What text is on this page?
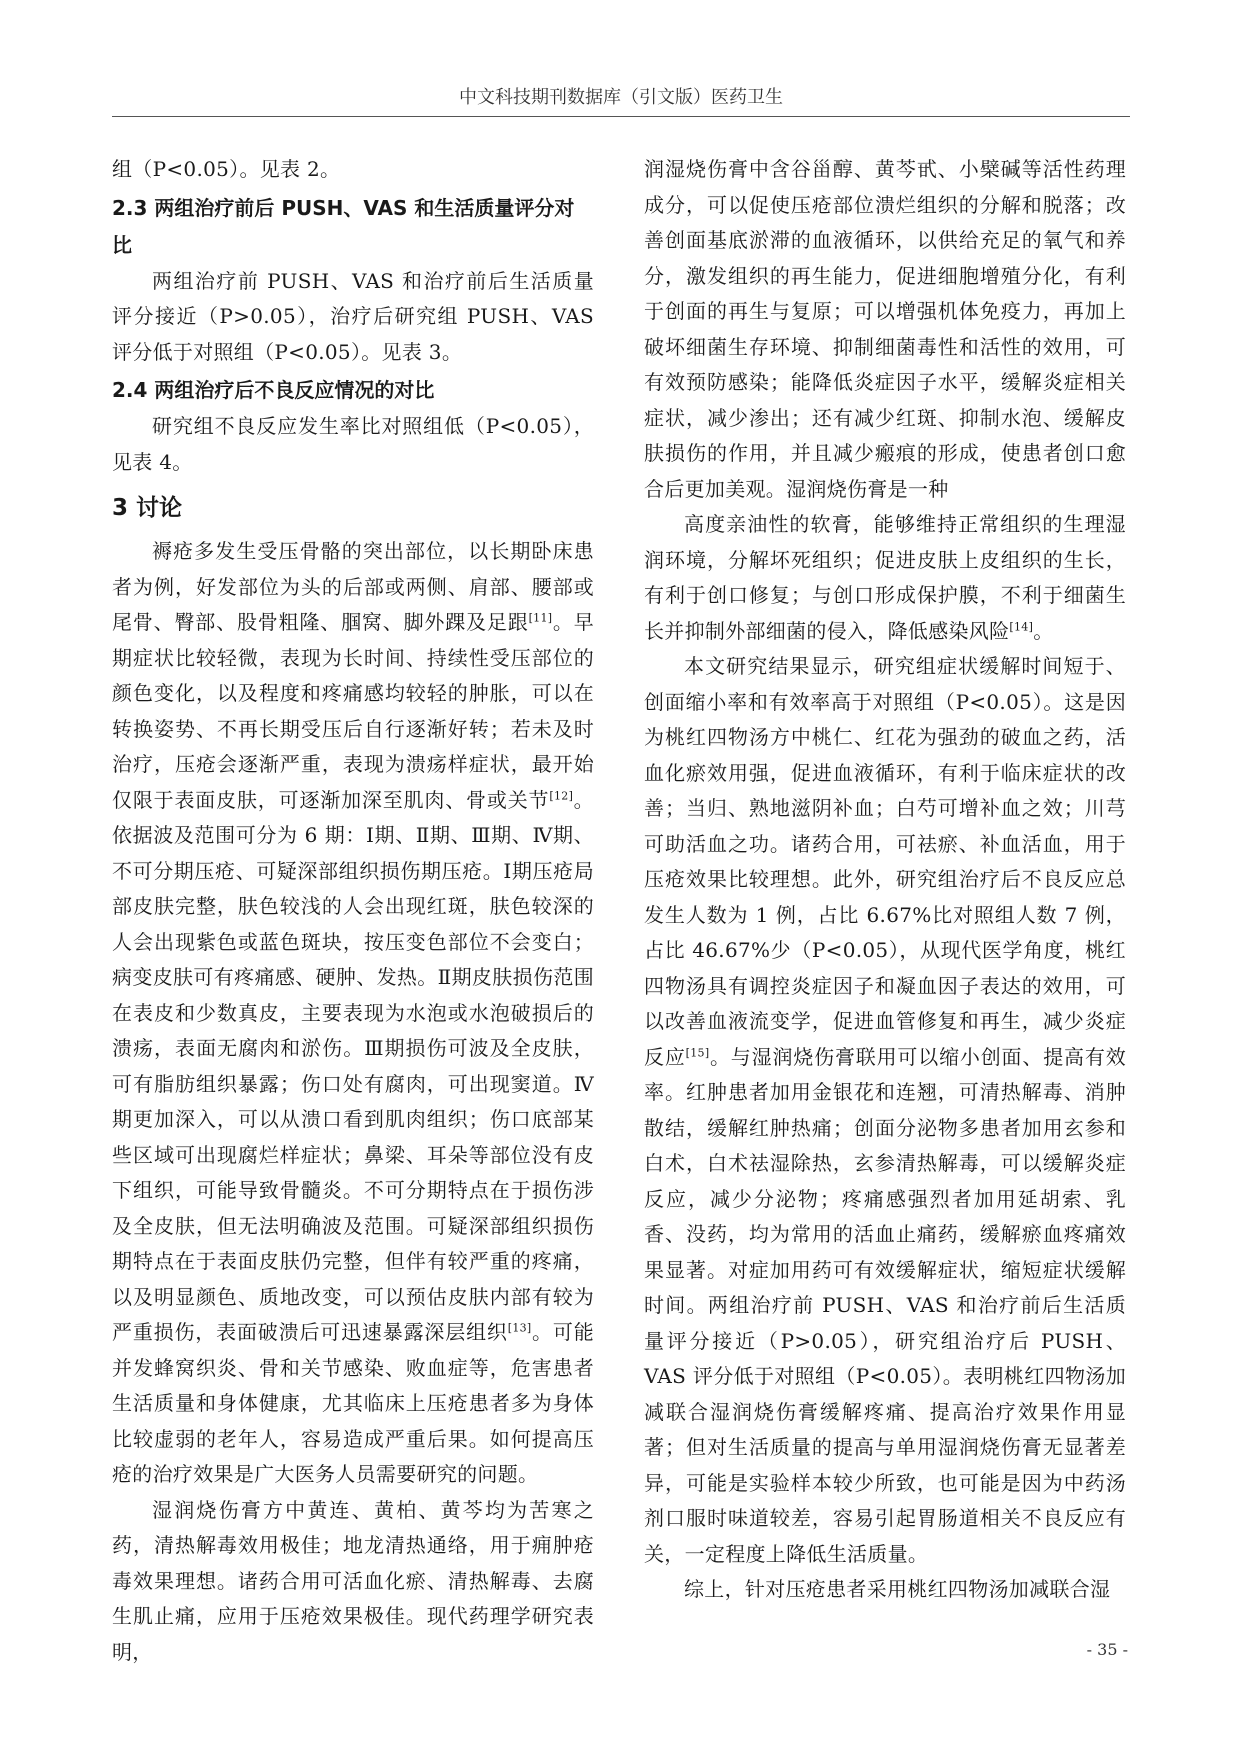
中文科技期刊数据库（引文版）医药卫生

组（P<0.05）。见表 2。

2.3 两组治疗前后 PUSH、VAS 和生活质量评分对比

两组治疗前 PUSH、VAS 和治疗前后生活质量评分接近（P>0.05），治疗后研究组 PUSH、VAS 评分低于对照组（P<0.05）。见表 3。

2.4 两组治疗后不良反应情况的对比

研究组不良反应发生率比对照组低（P<0.05），见表 4。

3 讨论

褥疮多发生受压骨骼的突出部位，以长期卧床患者为例，好发部位为头的后部或两侧、肩部、腰部或尾骨、臀部、股骨粗隆、腘窝、脚外踝及足跟[11]。早期症状比较轻微，表现为长时间、持续性受压部位的颜色变化，以及程度和疼痛感均较轻的肿胀，可以在转换姿势、不再长期受压后自行逐渐好转；若未及时治疗，压疮会逐渐严重，表现为溃疡样症状，最开始仅限于表面皮肤，可逐渐加深至肌肉、骨或关节[12]。依据波及范围可分为 6 期：Ⅰ期、Ⅱ期、Ⅲ期、Ⅳ期、不可分期压疮、可疑深部组织损伤期压疮。Ⅰ期压疮局部皮肤完整，肤色较浅的人会出现红斑，肤色较深的人会出现紫色或蓝色斑块，按压变色部位不会变白；病变皮肤可有疼痛感、硬肿、发热。Ⅱ期皮肤损伤范围在表皮和少数真皮，主要表现为水泡或水泡破损后的溃疡，表面无腐肉和淤伤。Ⅲ期损伤可波及全皮肤，可有脂肪组织暴露；伤口处有腐肉，可出现窦道。Ⅳ期更加深入，可以从溃口看到肌肉组织；伤口底部某些区域可出现腐烂样症状；鼻梁、耳朵等部位没有皮下组织，可能导致骨髓炎。不可分期特点在于损伤涉及全皮肤，但无法明确波及范围。可疑深部组织损伤期特点在于表面皮肤仍完整，但伴有较严重的疼痛，以及明显颜色、质地改变，可以预估皮肤内部有较为严重损伤，表面破溃后可迅速暴露深层组织[13]。可能并发蜂窝织炎、骨和关节感染、败血症等，危害患者生活质量和身体健康，尤其临床上压疮患者多为身体比较虚弱的老年人，容易造成严重后果。如何提高压疮的治疗效果是广大医务人员需要研究的问题。

湿润烧伤膏方中黄连、黄柏、黄芩均为苦寒之药，清热解毒效用极佳；地龙清热通络，用于痈肿疮毒效果理想。诸药合用可活血化瘀、清热解毒、去腐生肌止痛，应用于压疮效果极佳。现代药理学研究表明，

润湿烧伤膏中含谷甾醇、黄芩甙、小檗碱等活性药理成分，可以促使压疮部位溃烂组织的分解和脱落；改善创面基底淤滞的血液循环，以供给充足的氧气和养分，激发组织的再生能力，促进细胞增殖分化，有利于创面的再生与复原；可以增强机体免疫力，再加上破坏细菌生存环境、抑制细菌毒性和活性的效用，可有效预防感染；能降低炎症因子水平，缓解炎症相关症状，减少渗出；还有减少红斑、抑制水泡、缓解皮肤损伤的作用，并且减少瘢痕的形成，使患者创口愈合后更加美观。湿润烧伤膏是一种

高度亲油性的软膏，能够维持正常组织的生理湿润环境，分解坏死组织；促进皮肤上皮组织的生长，有利于创口修复；与创口形成保护膜，不利于细菌生长并抑制外部细菌的侵入，降低感染风险[14]。

本文研究结果显示，研究组症状缓解时间短于、创面缩小率和有效率高于对照组（P<0.05）。这是因为桃红四物汤方中桃仁、红花为强劲的破血之药，活血化瘀效用强，促进血液循环，有利于临床症状的改善；当归、熟地滋阴补血；白芍可增补血之效；川芎可助活血之功。诸药合用，可祛瘀、补血活血，用于压疮效果比较理想。此外，研究组治疗后不良反应总发生人数为 1 例，占比 6.67%比对照组人数 7 例，占比 46.67%少（P<0.05），从现代医学角度，桃红四物汤具有调控炎症因子和凝血因子表达的效用，可以改善血液流变学，促进血管修复和再生，减少炎症反应[15]。与湿润烧伤膏联用可以缩小创面、提高有效率。红肿患者加用金银花和连翘，可清热解毒、消肿散结，缓解红肿热痛；创面分泌物多患者加用玄参和白术，白术祛湿除热，玄参清热解毒，可以缓解炎症反应，减少分泌物；疼痛感强烈者加用延胡索、乳香、没药，均为常用的活血止痛药，缓解瘀血疼痛效果显著。对症加用药可有效缓解症状，缩短症状缓解时间。两组治疗前 PUSH、VAS 和治疗前后生活质量评分接近（P>0.05），研究组治疗后 PUSH、VAS 评分低于对照组（P<0.05）。表明桃红四物汤加减联合湿润烧伤膏缓解疼痛、提高治疗效果作用显著；但对生活质量的提高与单用湿润烧伤膏无显著差异，可能是实验样本较少所致，也可能是因为中药汤剂口服时味道较差，容易引起胃肠道相关不良反应有关，一定程度上降低生活质量。

综上，针对压疮患者采用桃红四物汤加减联合湿

- 35 -
